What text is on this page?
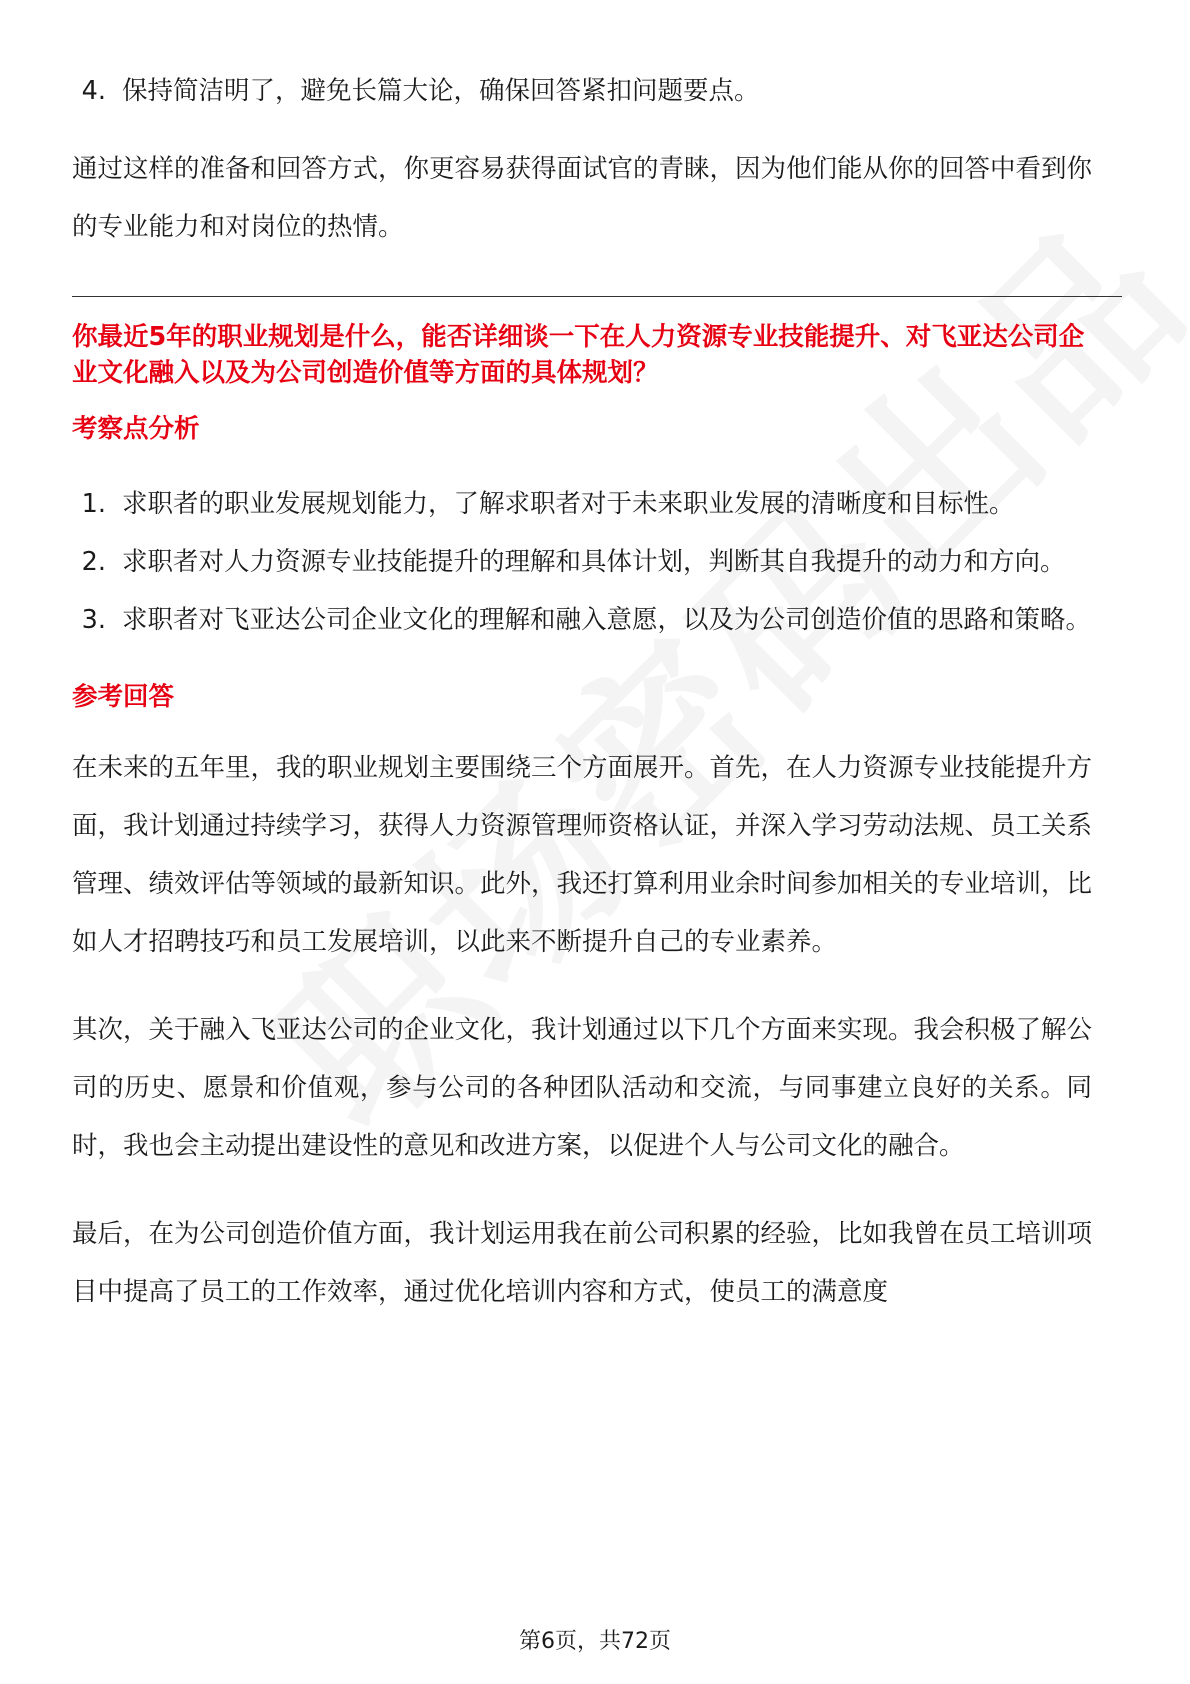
4. 保持简洁明了，避免长篇大论，确保回答紧扣问题要点。

通过这样的准备和回答方式，你更容易获得面试官的青睐，因为他们能从你的回答中看到你的专业能力和对岗位的热情。

你最近5年的职业规划是什么，能否详细谈一下在人力资源专业技能提升、对飞亚达公司企业文化融入以及为公司创造价值等方面的具体规划？

考察点分析

1. 求职者的职业发展规划能力，了解求职者对于未来职业发展的清晰度和目标性。
2. 求职者对人力资源专业技能提升的理解和具体计划，判断其自我提升的动力和方向。
3. 求职者对飞亚达公司企业文化的理解和融入意愿，以及为公司创造价值的思路和策略。

参考回答

在未来的五年里，我的职业规划主要围绕三个方面展开。首先，在人力资源专业技能提升方面，我计划通过持续学习，获得人力资源管理师资格认证，并深入学习劳动法规、员工关系管理、绩效评估等领域的最新知识。此外，我还打算利用业余时间参加相关的专业培训，比如人才招聘技巧和员工发展培训，以此来不断提升自己的专业素养。

其次，关于融入飞亚达公司的企业文化，我计划通过以下几个方面来实现。我会积极了解公司的历史、愿景和价值观，参与公司的各种团队活动和交流，与同事建立良好的关系。同时，我也会主动提出建设性的意见和改进方案，以促进个人与公司文化的融合。

最后，在为公司创造价值方面，我计划运用我在前公司积累的经验，比如我曾在员工培训项目中提高了员工的工作效率，通过优化培训内容和方式，使员工的满意度

第6页，共72页
